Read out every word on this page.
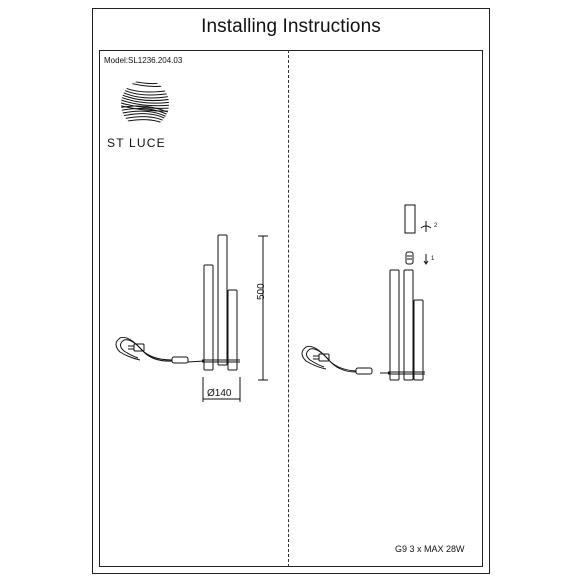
Installing Instructions
Model:SL1236.204.03
ST LUCE
500
Ø140
2
1
G9 3 x MAX 28W
